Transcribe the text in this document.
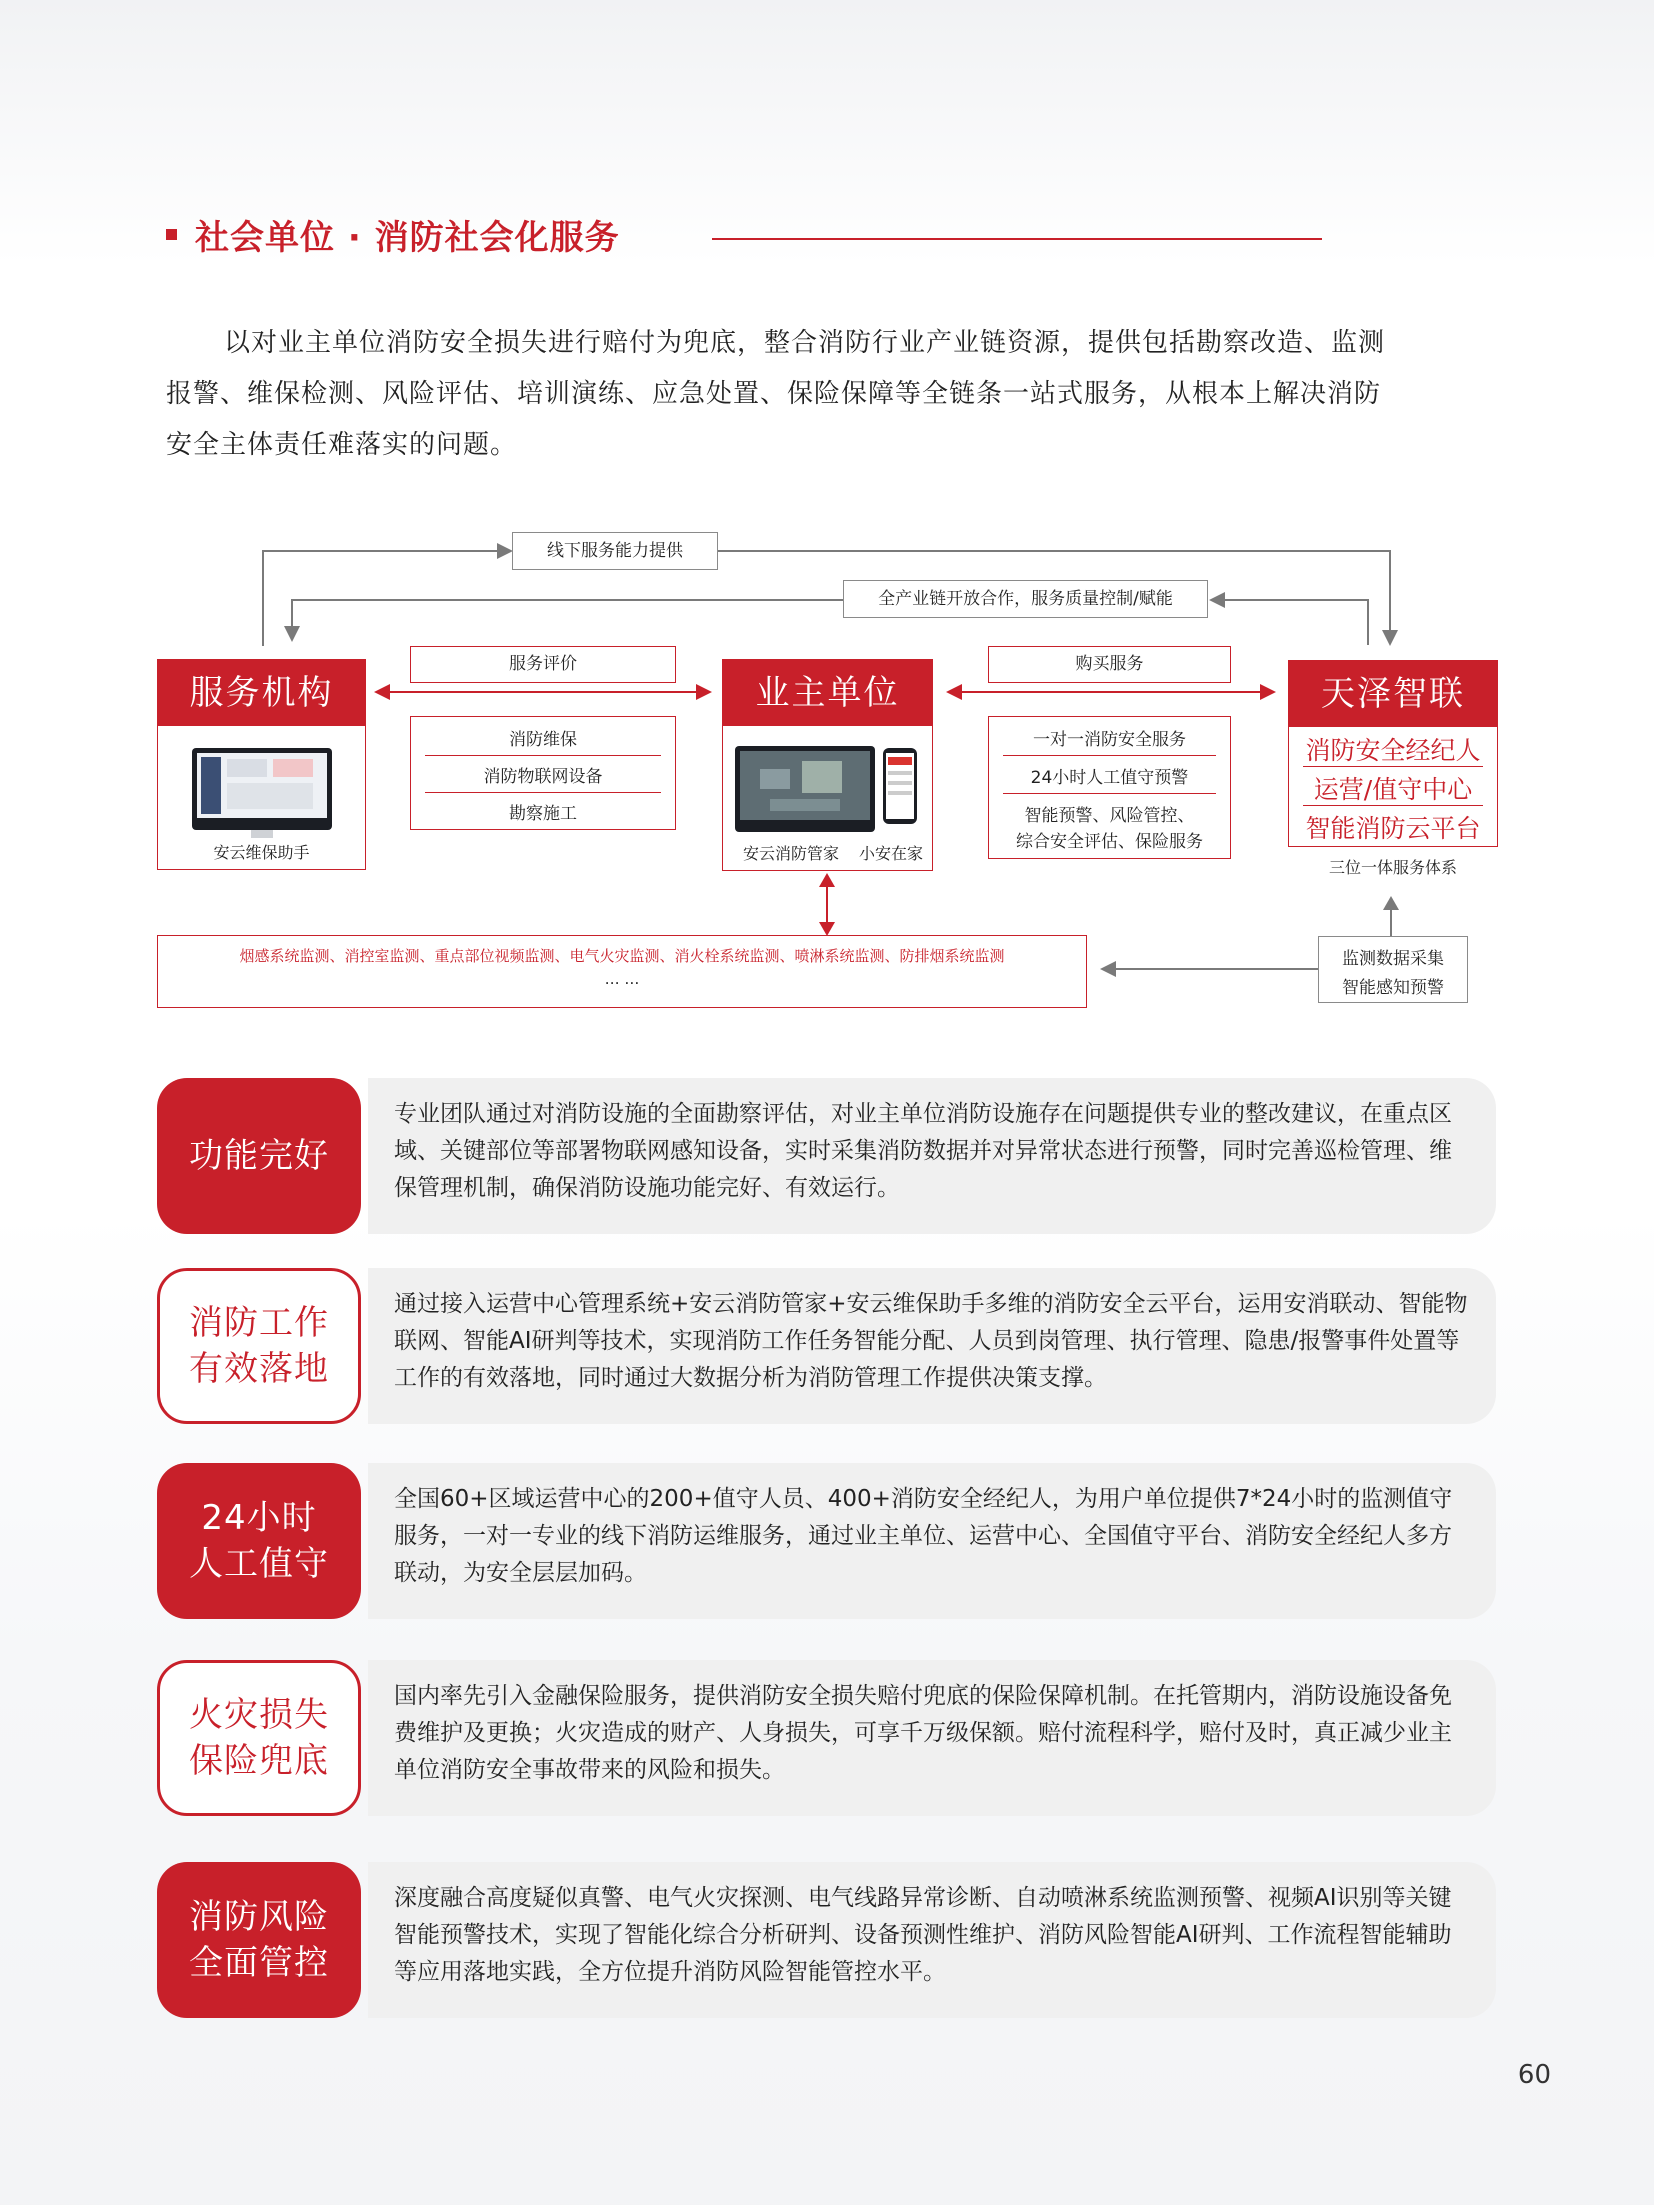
社会单位 · 消防社会化服务
以对业主单位消防安全损失进行赔付为兜底，整合消防行业产业链资源，提供包括勘察改造、监测报警、维保检测、风险评估、培训演练、应急处置、保险保障等全链条一站式服务，从根本上解决消防安全主体责任难落实的问题。
线下服务能力提供
全产业链开放合作，服务质量控制/赋能
服务机构
安云维保助手
业主单位
安云消防管家 小安在家
天泽智联
消防安全经纪人
运营/值守中心
智能消防云平台
三位一体服务体系
服务评价
消防维保
消防物联网设备
勘察施工
购买服务
一对一消防安全服务
24小时人工值守预警
智能预警、风险管控、
综合安全评估、保险服务
烟感系统监测、消控室监测、重点部位视频监测、电气火灾监测、消火栓系统监测、喷淋系统监测、防排烟系统监测
… …
监测数据采集
智能感知预警
功能完好

专业团队通过对消防设施的全面勘察评估，对业主单位消防设施存在问题提供专业的整改建议，在重点区域、关键部位等部署物联网感知设备，实时采集消防数据并对异常状态进行预警，同时完善巡检管理、维保管理机制，确保消防设施功能完好、有效运行。
消防工作
有效落地
通过接入运营中心管理系统+安云消防管家+安云维保助手多维的消防安全云平台，运用安消联动、智能物联网、智能AI研判等技术，实现消防工作任务智能分配、人员到岗管理、执行管理、隐患/报警事件处置等工作的有效落地，同时通过大数据分析为消防管理工作提供决策支撑。
24小时
人工值守
全国60+区域运营中心的200+值守人员、400+消防安全经纪人，为用户单位提供7*24小时的监测值守服务，一对一专业的线下消防运维服务，通过业主单位、运营中心、全国值守平台、消防安全经纪人多方联动，为安全层层加码。
火灾损失
保险兜底
国内率先引入金融保险服务，提供消防安全损失赔付兜底的保险保障机制。在托管期内，消防设施设备免费维护及更换；火灾造成的财产、人身损失，可享千万级保额。赔付流程科学，赔付及时，真正减少业主单位消防安全事故带来的风险和损失。
消防风险
全面管控
深度融合高度疑似真警、电气火灾探测、电气线路异常诊断、自动喷淋系统监测预警、视频AI识别等关键智能预警技术，实现了智能化综合分析研判、设备预测性维护、消防风险智能AI研判、工作流程智能辅助等应用落地实践，全方位提升消防风险智能管控水平。
60
